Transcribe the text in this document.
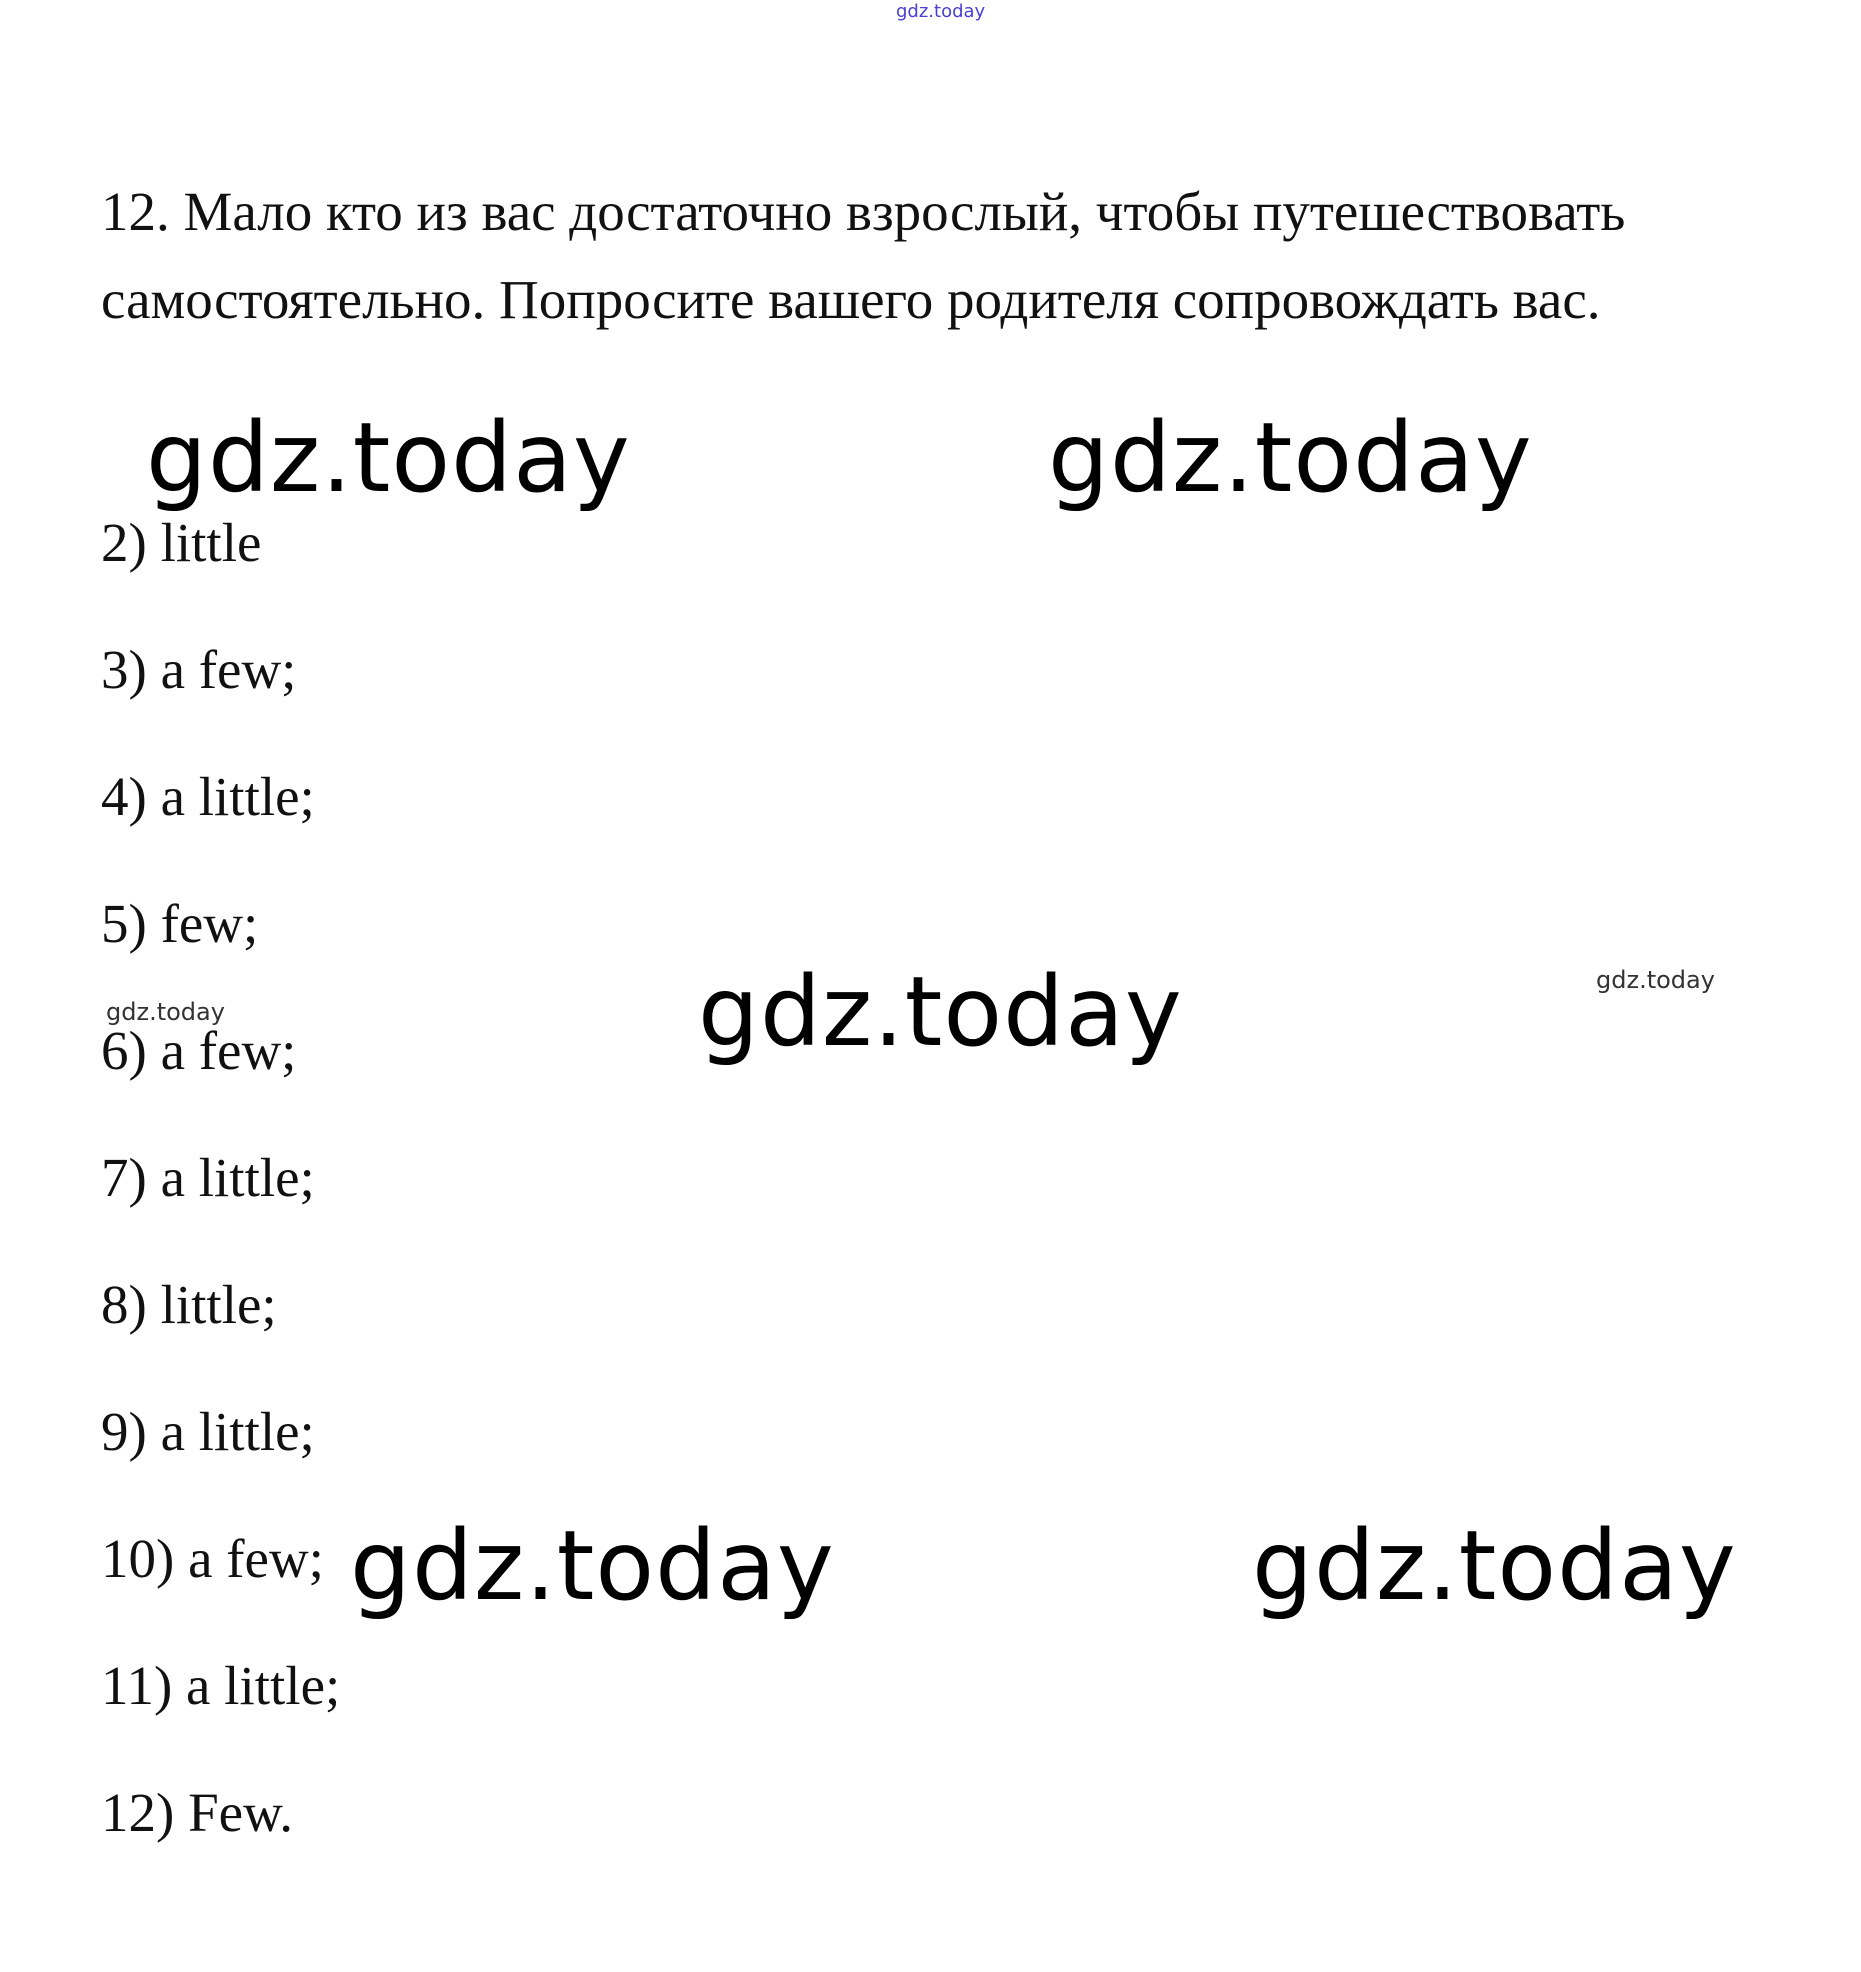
gdz.today

12. Мало кто из вас достаточно взрослый, чтобы путешествовать самостоятельно. Попросите вашего родителя сопровождать вас.

gdz.today	gdz.today
2) little
3) a few;
4) a little;
5) few;
gdz.today	gdz.today	gdz.today
6) a few;
7) a little;
8) little;
9) a little;
10) a few; gdz.today	gdz.today
11) a little;
12) Few.
